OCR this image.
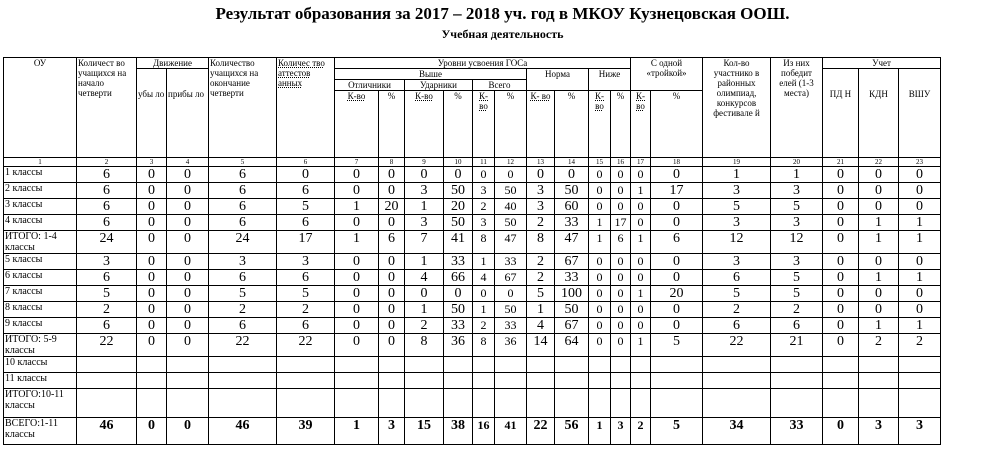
Результат образования за 2017 – 2018 уч. год в МКОУ Кузнецовская ООШ.
Учебная деятельность
ОУ	Количест во учащихся на начало четверти	Движение		Количество учащихся на окончание четверти	Количес тво аттестов анных	Уровни усвоения ГОСа										С одной «тройкой»		Кол-во участнико в районных олимпиад, конкурсов фестивале й	Из них победит елей (1-3 места)	Учет		

убы ло	прибы ло			Выше						Норма		Ниже						ПД Н	КДН	ВШУ
						Отличники		Ударники		Всего												
						К-во	%	К-во	%	К- во	%	К- во	%	К- во	%	К- во	%					
1	2	3	4	5	6	7	8	9	10	11	12	13	14	15	16	17	18	19	20	21	22	23
1 классы	6	0	0	6	0	0	0	0	0	0	0	0	0	0	0	0	0	1	1	0	0	0
2 классы	6	0	0	6	6	0	0	3	50	3	50	3	50	0	0	1	17	3	3	0	0	0
3 классы	6	0	0	6	5	1	20	1	20	2	40	3	60	0	0	0	0	5	5	0	0	0
4 классы	6	0	0	6	6	0	0	3	50	3	50	2	33	1	17	0	0	3	3	0	1	1
ИТОГО: 1-4 классы	24	0	0	24	17	1	6	7	41	8	47	8	47	1	6	1	6	12	12	0	1	1
5 классы	3	0	0	3	3	0	0	1	33	1	33	2	67	0	0	0	0	3	3	0	0	0
6 классы	6	0	0	6	6	0	0	4	66	4	67	2	33	0	0	0	0	6	5	0	1	1
7 классы	5	0	0	5	5	0	0	0	0	0	0	5	100	0	0	1	20	5	5	0	0	0
8 классы	2	0	0	2	2	0	0	1	50	1	50	1	50	0	0	0	0	2	2	0	0	0
9 классы	6	0	0	6	6	0	0	2	33	2	33	4	67	0	0	0	0	6	6	0	1	1
ИТОГО: 5-9 классы	22	0	0	22	22	0	0	8	36	8	36	14	64	0	0	1	5	22	21	0	2	2
10 классы																						
11 классы																						
ИТОГО:10-11 классы																						
ВСЕГО:1-11 классы	46	0	0	46	39	1	3	15	38	16	41	22	56	1	3	2	5	34	33	0	3	3
